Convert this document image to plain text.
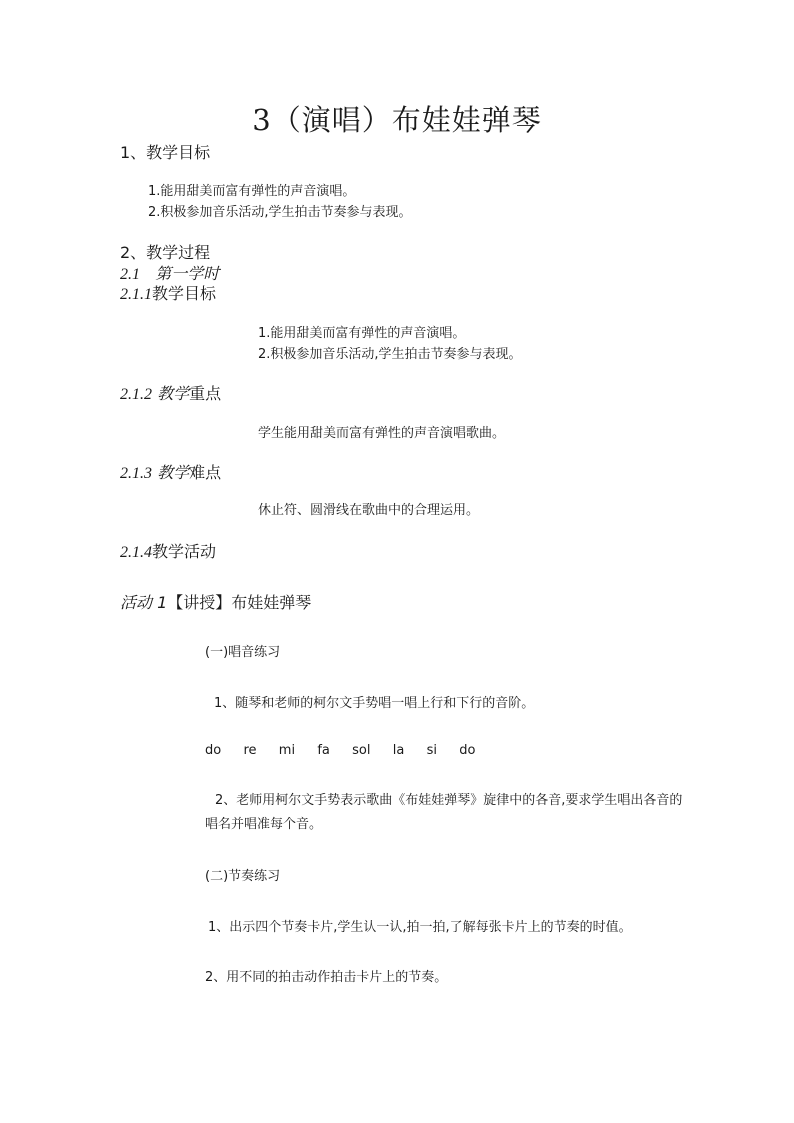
3（演唱）布娃娃弹琴
1、教学目标
1.能用甜美而富有弹性的声音演唱。
2.积极参加音乐活动,学生拍击节奏参与表现。
2、教学过程
2.1 第一学时
2.1.1教学目标
1.能用甜美而富有弹性的声音演唱。
2.积极参加音乐活动,学生拍击节奏参与表现。
2.1.2 教学重点
学生能用甜美而富有弹性的声音演唱歌曲。
2.1.3 教学难点
休止符、圆滑线在歌曲中的合理运用。
2.1.4教学活动
活动 1【讲授】布娃娃弹琴
(一)唱音练习
1、随琴和老师的柯尔文手势唱一唱上行和下行的音阶。
do  re  mi  fa  sol  la  si  do
2、老师用柯尔文手势表示歌曲《布娃娃弹琴》旋律中的各音,要求学生唱出各音的唱名并唱准每个音。
(二)节奏练习
1、出示四个节奏卡片,学生认一认,拍一拍,了解每张卡片上的节奏的时值。
2、用不同的拍击动作拍击卡片上的节奏。
